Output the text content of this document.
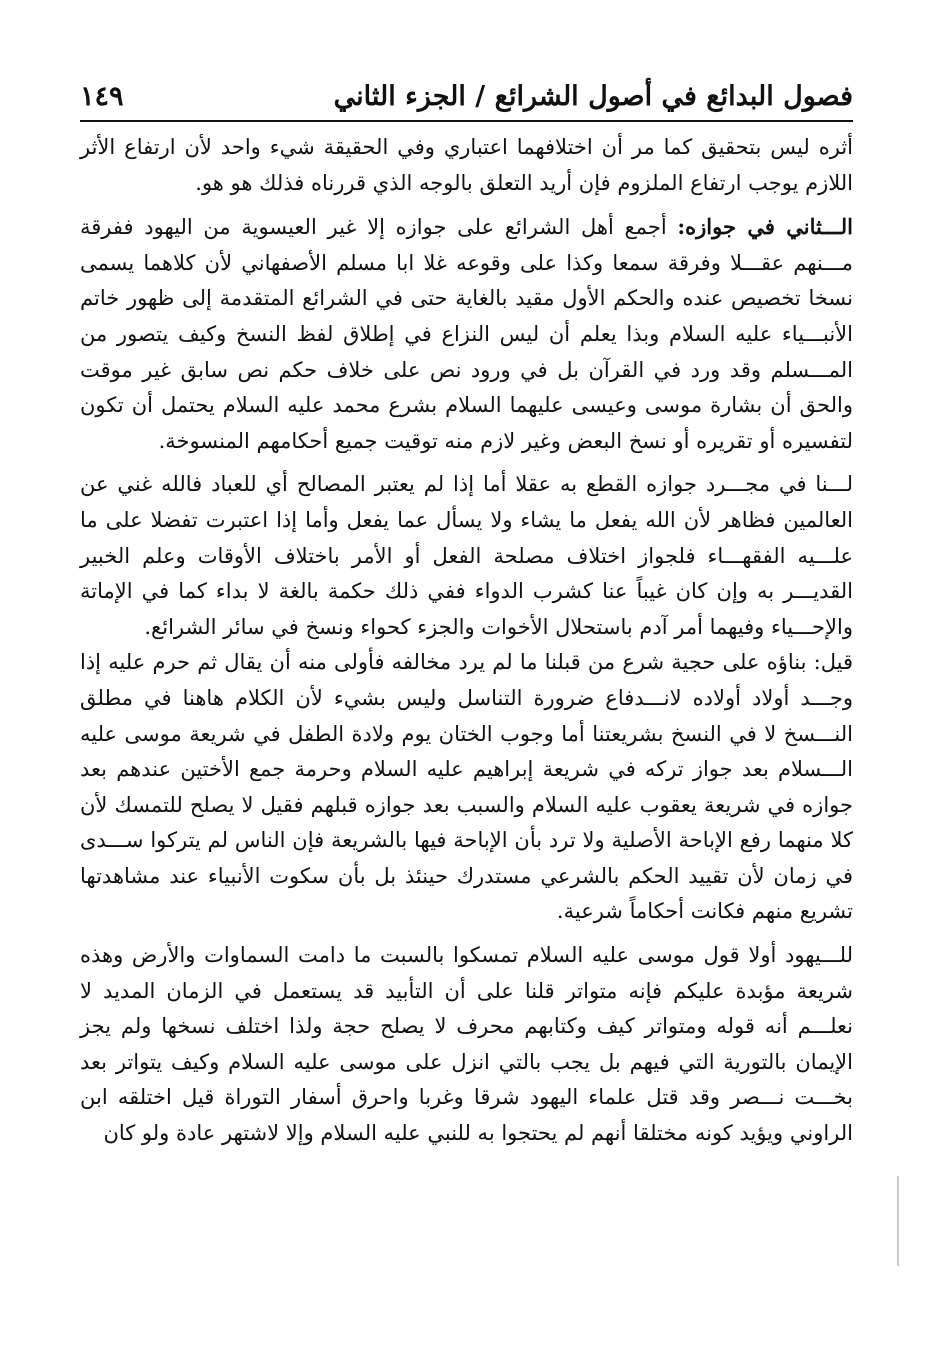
فصول البدائع في أصول الشرائع / الجزء الثاني
١٤٩

أثره ليس بتحقيق كما مر أن اختلافهما اعتباري وفي الحقيقة شيء واحد لأن ارتفاع الأثر اللازم يوجب ارتفاع الملزوم فإن أريد التعلق بالوجه الذي قررناه فذلك هو هو.

الـــثاني في جوازه: أجمع أهل الشرائع على جوازه إلا غير العيسوية من اليهود ففرقة مـــنهم عقـــلا وفرقة سمعا وكذا على وقوعه غلا ابا مسلم الأصفهاني لأن كلاهما يسمى نسخا تخصيص عنده والحكم الأول مقيد بالغاية حتى في الشرائع المتقدمة إلى ظهور خاتم الأنبـــياء عليه السلام وبذا يعلم أن ليس النزاع في إطلاق لفظ النسخ وكيف يتصور من المـــسلم وقد ورد في القرآن بل في ورود نص على خلاف حكم نص سابق غير موقت والحق أن بشارة موسى وعيسى عليهما السلام بشرع محمد عليه السلام يحتمل أن تكون لتفسيره أو تقريره أو نسخ البعض وغير لازم منه توقيت جميع أحكامهم المنسوخة.

لـــنا في مجـــرد جوازه القطع به عقلا أما إذا لم يعتبر المصالح أي للعباد فالله غني عن العالمين فظاهر لأن الله يفعل ما يشاء ولا يسأل عما يفعل وأما إذا اعتبرت تفضلا على ما علـــيه الفقهـــاء فلجواز اختلاف مصلحة الفعل أو الأمر باختلاف الأوقات وعلم الخبير القديـــر به وإن كان غيباً عنا كشرب الدواء ففي ذلك حكمة بالغة لا بداء كما في الإماتة والإحـــياء وفيهما أمر آدم باستحلال الأخوات والجزء كحواء ونسخ في سائر الشرائع.

قيل: بناؤه على حجية شرع من قبلنا ما لم يرد مخالفه فأولى منه أن يقال ثم حرم عليه إذا وجـــد أولاد أولاده لانـــدفاع ضرورة التناسل وليس بشيء لأن الكلام هاهنا في مطلق النـــسخ لا في النسخ بشريعتنا أما وجوب الختان يوم ولادة الطفل في شريعة موسى عليه الـــسلام بعد جواز تركه في شريعة إبراهيم عليه السلام وحرمة جمع الأختين عندهم بعد جوازه في شريعة يعقوب عليه السلام والسبب بعد جوازه قبلهم فقيل لا يصلح للتمسك لأن كلا منهما رفع الإباحة الأصلية ولا ترد بأن الإباحة فيها بالشريعة فإن الناس لم يتركوا ســـدى في زمان لأن تقييد الحكم بالشرعي مستدرك حينئذ بل بأن سكوت الأنبياء عند مشاهدتها تشريع منهم فكانت أحكاماً شرعية.

للـــيهود أولا قول موسى عليه السلام تمسكوا بالسبت ما دامت السماوات والأرض وهذه شريعة مؤبدة عليكم فإنه متواتر قلنا على أن التأبيد قد يستعمل في الزمان المديد لا نعلـــم أنه قوله ومتواتر كيف وكتابهم محرف لا يصلح حجة ولذا اختلف نسخها ولم يجز الإيمان بالتورية التي فيهم بل يجب بالتي انزل على موسى عليه السلام وكيف يتواتر بعد بخـــت نـــصر وقد قتل علماء اليهود شرقا وغربا واحرق أسفار التوراة قيل اختلقه ابن الراوني ويؤيد كونه مختلقا أنهم لم يحتجوا به للنبي عليه السلام وإلا لاشتهر عادة ولو كان
